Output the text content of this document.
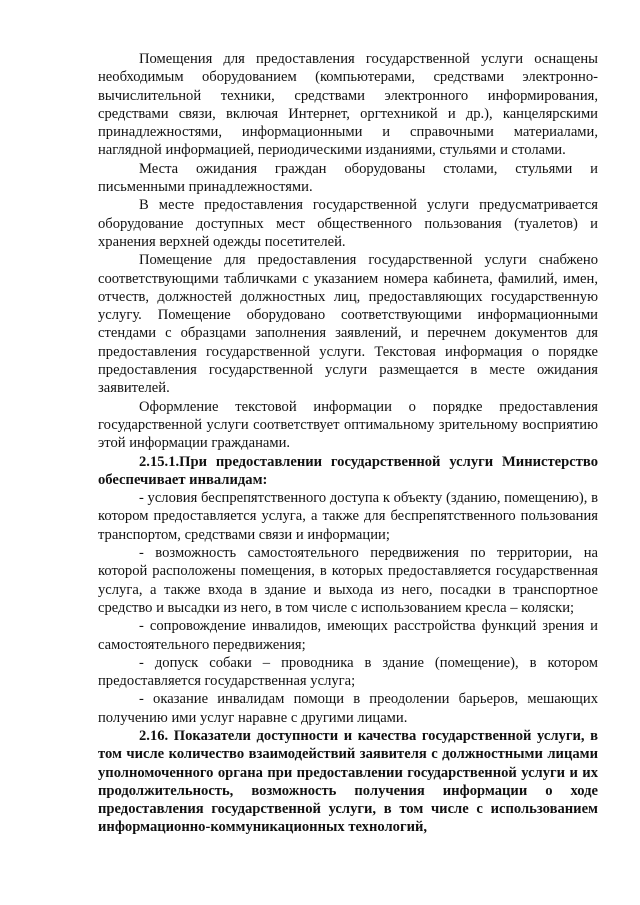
Помещения для предоставления государственной услуги оснащены необходимым оборудованием (компьютерами, средствами электронно-вычислительной техники, средствами электронного информирования, средствами связи, включая Интернет, оргтехникой и др.), канцелярскими принадлежностями, информационными и справочными материалами, наглядной информацией, периодическими изданиями, стульями и столами.

Места ожидания граждан оборудованы столами, стульями и письменными принадлежностями.

В месте предоставления государственной услуги предусматривается оборудование доступных мест общественного пользования (туалетов) и хранения верхней одежды посетителей.

Помещение для предоставления государственной услуги снабжено соответствующими табличками с указанием номера кабинета, фамилий, имен, отчеств, должностей должностных лиц, предоставляющих государственную услугу. Помещение оборудовано соответствующими информационными стендами с образцами заполнения заявлений, и перечнем документов для предоставления государственной услуги. Текстовая информация о порядке предоставления государственной услуги размещается в месте ожидания заявителей.

Оформление текстовой информации о порядке предоставления государственной услуги соответствует оптимальному зрительному восприятию этой информации гражданами.

2.15.1.При предоставлении государственной услуги Министерство обеспечивает инвалидам:

- условия беспрепятственного доступа к объекту (зданию, помещению), в котором предоставляется услуга, а также для беспрепятственного пользования транспортом, средствами связи и информации;

- возможность самостоятельного передвижения по территории, на которой расположены помещения, в которых предоставляется государственная услуга, а также входа в здание и выхода из него, посадки в транспортное средство и высадки из него, в том числе с использованием кресла – коляски;

- сопровождение инвалидов, имеющих расстройства функций зрения и самостоятельного передвижения;

- допуск собаки – проводника в здание (помещение), в котором предоставляется государственная услуга;

- оказание инвалидам помощи в преодолении барьеров, мешающих получению ими услуг наравне с другими лицами.

2.16. Показатели доступности и качества государственной услуги, в том числе количество взаимодействий заявителя с должностными лицами уполномоченного органа при предоставлении государственной услуги и их продолжительность, возможность получения информации о ходе предоставления государственной услуги, в том числе с использованием информационно-коммуникационных технологий,
